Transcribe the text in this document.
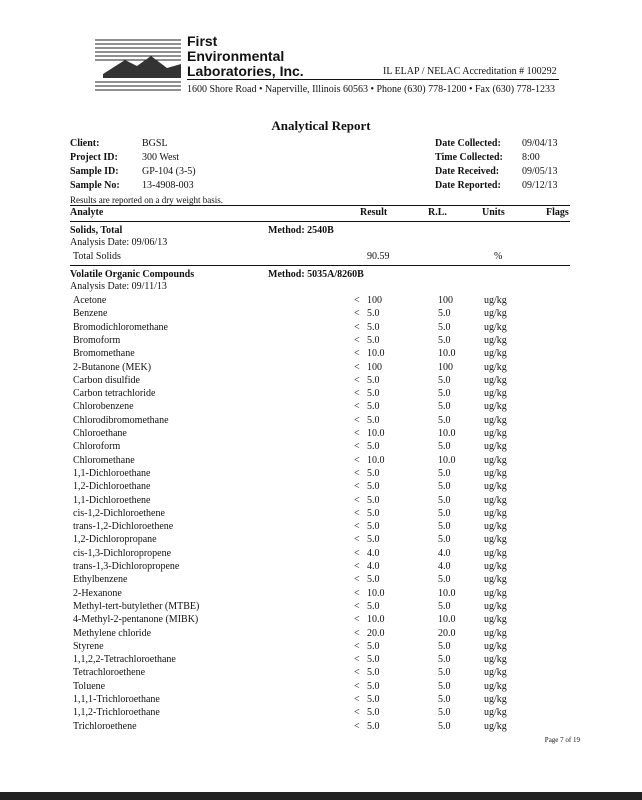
First
Environmental
Laboratories, Inc.	IL ELAP / NELAC Accreditation # 100292
1600 Shore Road • Naperville, Illinois 60563 • Phone (630) 778-1200 • Fax (630) 778-1233
Analytical Report
Client:	BGSL
Project ID: 300 West
Sample ID: GP-104 (3-5)
Sample No: 13-4908-003
Date Collected: 09/04/13
Time Collected: 8:00
Date Received: 09/05/13
Date Reported: 09/12/13
Results are reported on a dry weight basis.
Analyte	Result	R.L.	Units	Flags
Solids, Total	Method: 2540B
Analysis Date: 09/06/13
Total Solids	90.59	%
Volatile Organic Compounds	Method: 5035A/8260B
Analysis Date: 09/11/13
Acetone	< 100	100	ug/kg
Benzene	< 5.0	5.0	ug/kg
Bromodichloromethane	< 5.0	5.0	ug/kg
Bromoform	< 5.0	5.0	ug/kg
Bromomethane	< 10.0	10.0	ug/kg
2-Butanone (MEK)	< 100	100	ug/kg
Carbon disulfide	< 5.0	5.0	ug/kg
Carbon tetrachloride	< 5.0	5.0	ug/kg
Chlorobenzene	< 5.0	5.0	ug/kg
Chlorodibromomethane	< 5.0	5.0	ug/kg
Chloroethane	< 10.0	10.0	ug/kg
Chloroform	< 5.0	5.0	ug/kg
Chloromethane	< 10.0	10.0	ug/kg
1,1-Dichloroethane	< 5.0	5.0	ug/kg
1,2-Dichloroethane	< 5.0	5.0	ug/kg
1,1-Dichloroethene	< 5.0	5.0	ug/kg
cis-1,2-Dichloroethene	< 5.0	5.0	ug/kg
trans-1,2-Dichloroethene	< 5.0	5.0	ug/kg
1,2-Dichloropropane	< 5.0	5.0	ug/kg
cis-1,3-Dichloropropene	< 4.0	4.0	ug/kg
trans-1,3-Dichloropropene	< 4.0	4.0	ug/kg
Ethylbenzene	< 5.0	5.0	ug/kg
2-Hexanone	< 10.0	10.0	ug/kg
Methyl-tert-butylether (MTBE)	< 5.0	5.0	ug/kg
4-Methyl-2-pentanone (MIBK)	< 10.0	10.0	ug/kg
Methylene chloride	< 20.0	20.0	ug/kg
Styrene	< 5.0	5.0	ug/kg
1,1,2,2-Tetrachloroethane	< 5.0	5.0	ug/kg
Tetrachloroethene	< 5.0	5.0	ug/kg
Toluene	< 5.0	5.0	ug/kg
1,1,1-Trichloroethane	< 5.0	5.0	ug/kg
1,1,2-Trichloroethane	< 5.0	5.0	ug/kg
Trichloroethene	< 5.0	5.0	ug/kg
Page 7 of 19
